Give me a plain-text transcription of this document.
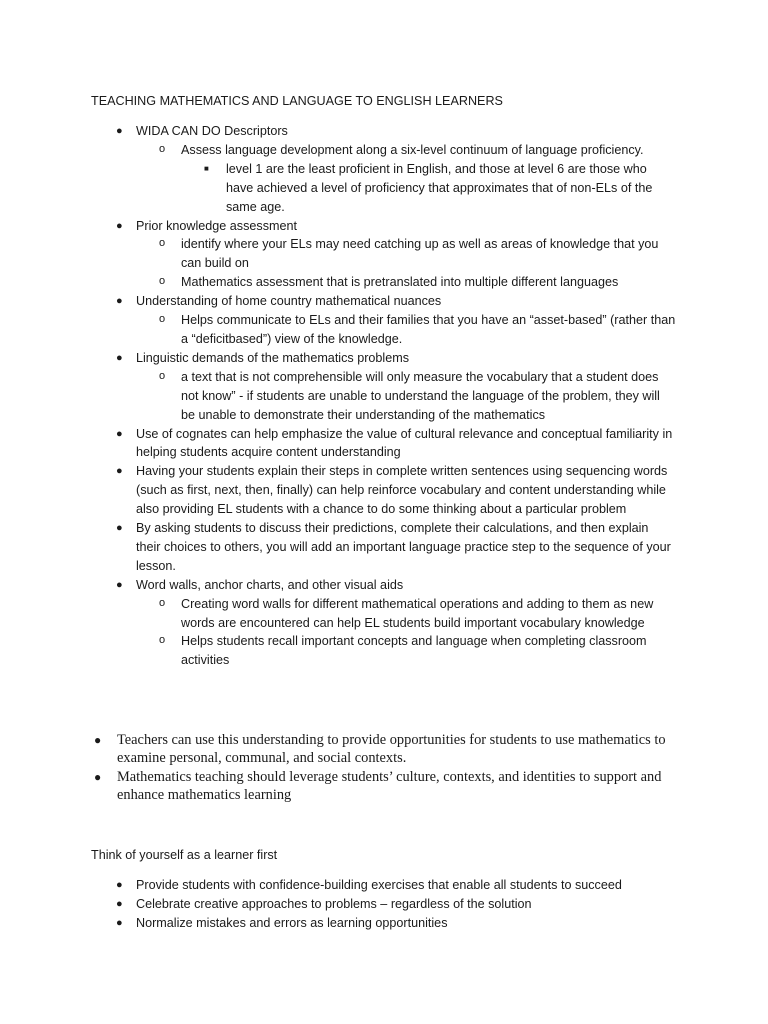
TEACHING MATHEMATICS AND LANGUAGE TO ENGLISH LEARNERS
● WIDA CAN DO Descriptors
o Assess language development along a six-level continuum of language proficiency.
■ level 1 are the least proficient in English, and those at level 6 are those who have achieved a level of proficiency that approximates that of non-ELs of the same age.
● Prior knowledge assessment
o identify where your ELs may need catching up as well as areas of knowledge that you can build on
o Mathematics assessment that is pretranslated into multiple different languages
● Understanding of home country mathematical nuances
o Helps communicate to ELs and their families that you have an “asset-based” (rather than a “deficitbased”) view of the knowledge.
● Linguistic demands of the mathematics problems
o a text that is not comprehensible will only measure the vocabulary that a student does not know” - if students are unable to understand the language of the problem, they will be unable to demonstrate their understanding of the mathematics
● Use of cognates can help emphasize the value of cultural relevance and conceptual familiarity in helping students acquire content understanding
● Having your students explain their steps in complete written sentences using sequencing words (such as first, next, then, finally) can help reinforce vocabulary and content understanding while also providing EL students with a chance to do some thinking about a particular problem
● By asking students to discuss their predictions, complete their calculations, and then explain their choices to others, you will add an important language practice step to the sequence of your lesson.
● Word walls, anchor charts, and other visual aids
o Creating word walls for different mathematical operations and adding to them as new words are encountered can help EL students build important vocabulary knowledge
o Helps students recall important concepts and language when completing classroom activities
● Teachers can use this understanding to provide opportunities for students to use mathematics to examine personal, communal, and social contexts.
● Mathematics teaching should leverage students’ culture, contexts, and identities to support and enhance mathematics learning
Think of yourself as a learner first
● Provide students with confidence-building exercises that enable all students to succeed
● Celebrate creative approaches to problems – regardless of the solution
● Normalize mistakes and errors as learning opportunities
